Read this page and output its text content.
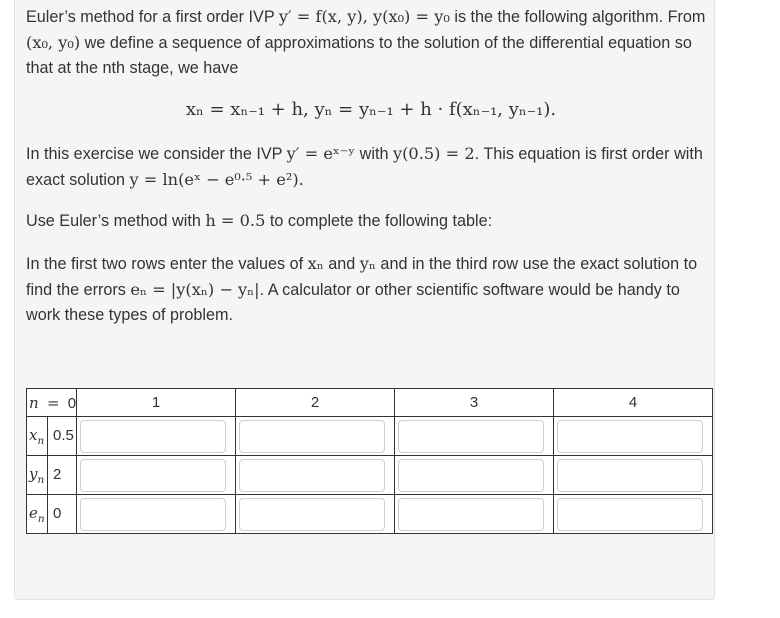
Euler’s method for a first order IVP y′ = f(x, y), y(x₀) = y₀ is the the following algorithm. From (x₀, y₀) we define a sequence of approximations to the solution of the differential equation so that at the nth stage, we have

xₙ = xₙ₋₁ + h, yₙ = yₙ₋₁ + h · f(xₙ₋₁, yₙ₋₁).

In this exercise we consider the IVP y′ = eˣ⁻ʸ with y(0.5) = 2. This equation is first order with exact solution y = ln(eˣ − e⁰·⁵ + e²).

Use Euler’s method with h = 0.5 to complete the following table:

In the first two rows enter the values of xₙ and yₙ and in the third row use the exact solution to find the errors eₙ = |y(xₙ) − yₙ|. A calculator or other scientific software would be handy to work these types of problem.

n = 0	1	2	3	4
$x_n$ 0.5	

$y_n$ 2	

$e_n$ 0	
